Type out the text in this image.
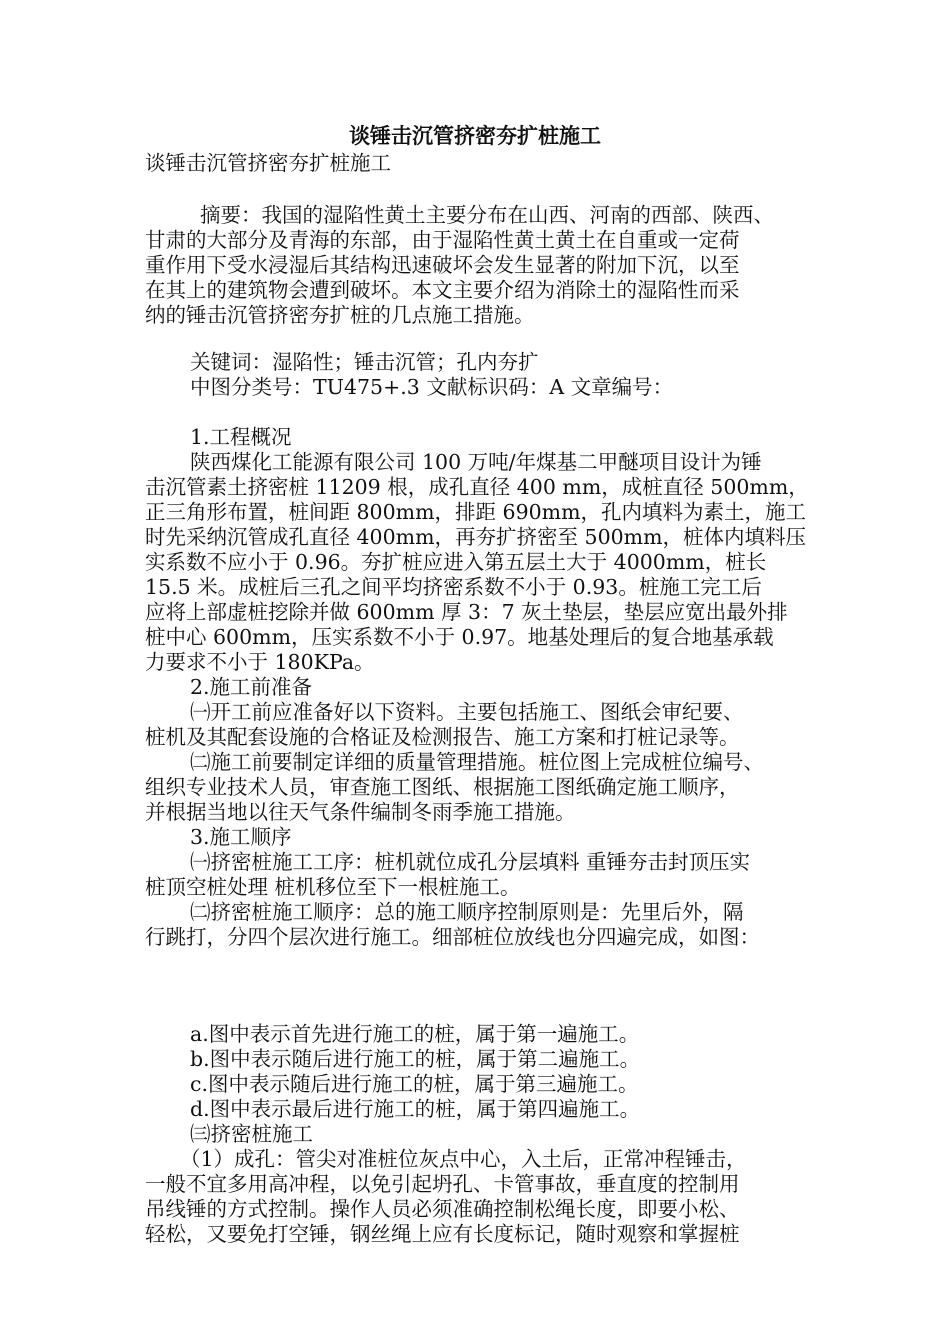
谈锤击沉管挤密夯扩桩施工
谈锤击沉管挤密夯扩桩施工
摘要：我国的湿陷性黄土主要分布在山西、河南的西部、陕西、
甘肃的大部分及青海的东部，由于湿陷性黄土黄土在自重或一定荷
重作用下受水浸湿后其结构迅速破坏会发生显著的附加下沉，以至
在其上的建筑物会遭到破坏。本文主要介绍为消除土的湿陷性而采
纳的锤击沉管挤密夯扩桩的几点施工措施。
关键词：湿陷性；锤击沉管；孔内夯扩
中图分类号：TU475+.3 文献标识码：A 文章编号：
1.工程概况
陕西煤化工能源有限公司 100 万吨/年煤基二甲醚项目设计为锤
击沉管素土挤密桩 11209 根，成孔直径 400 mm，成桩直径 500mm，
正三角形布置，桩间距 800mm，排距 690mm，孔内填料为素土，施工
时先采纳沉管成孔直径 400mm，再夯扩挤密至 500mm，桩体内填料压
实系数不应小于 0.96。夯扩桩应进入第五层土大于 4000mm，桩长
15.5 米。成桩后三孔之间平均挤密系数不小于 0.93。桩施工完工后
应将上部虚桩挖除并做 600mm 厚 3：7 灰土垫层，垫层应宽出最外排
桩中心 600mm，压实系数不小于 0.97。地基处理后的复合地基承载
力要求不小于 180KPa。
2.施工前准备
㈠开工前应准备好以下资料。主要包括施工、图纸会审纪要、
桩机及其配套设施的合格证及检测报告、施工方案和打桩记录等。
㈡施工前要制定详细的质量管理措施。桩位图上完成桩位编号、
组织专业技术人员，审查施工图纸、根据施工图纸确定施工顺序，
并根据当地以往天气条件编制冬雨季施工措施。
3.施工顺序
㈠挤密桩施工工序：桩机就位成孔分层填料 重锤夯击封顶压实
桩顶空桩处理 桩机移位至下一根桩施工。
㈡挤密桩施工顺序：总的施工顺序控制原则是：先里后外，隔
行跳打，分四个层次进行施工。细部桩位放线也分四遍完成，如图：
a.图中表示首先进行施工的桩，属于第一遍施工。
b.图中表示随后进行施工的桩，属于第二遍施工。
c.图中表示随后进行施工的桩，属于第三遍施工。
d.图中表示最后进行施工的桩，属于第四遍施工。
㈢挤密桩施工
（1）成孔：管尖对准桩位灰点中心，入土后，正常冲程锤击，
一般不宜多用高冲程，以免引起坍孔、卡管事故，垂直度的控制用
吊线锤的方式控制。操作人员必须准确控制松绳长度，即要小松、
轻松，又要免打空锤，钢丝绳上应有长度标记，随时观察和掌握桩
